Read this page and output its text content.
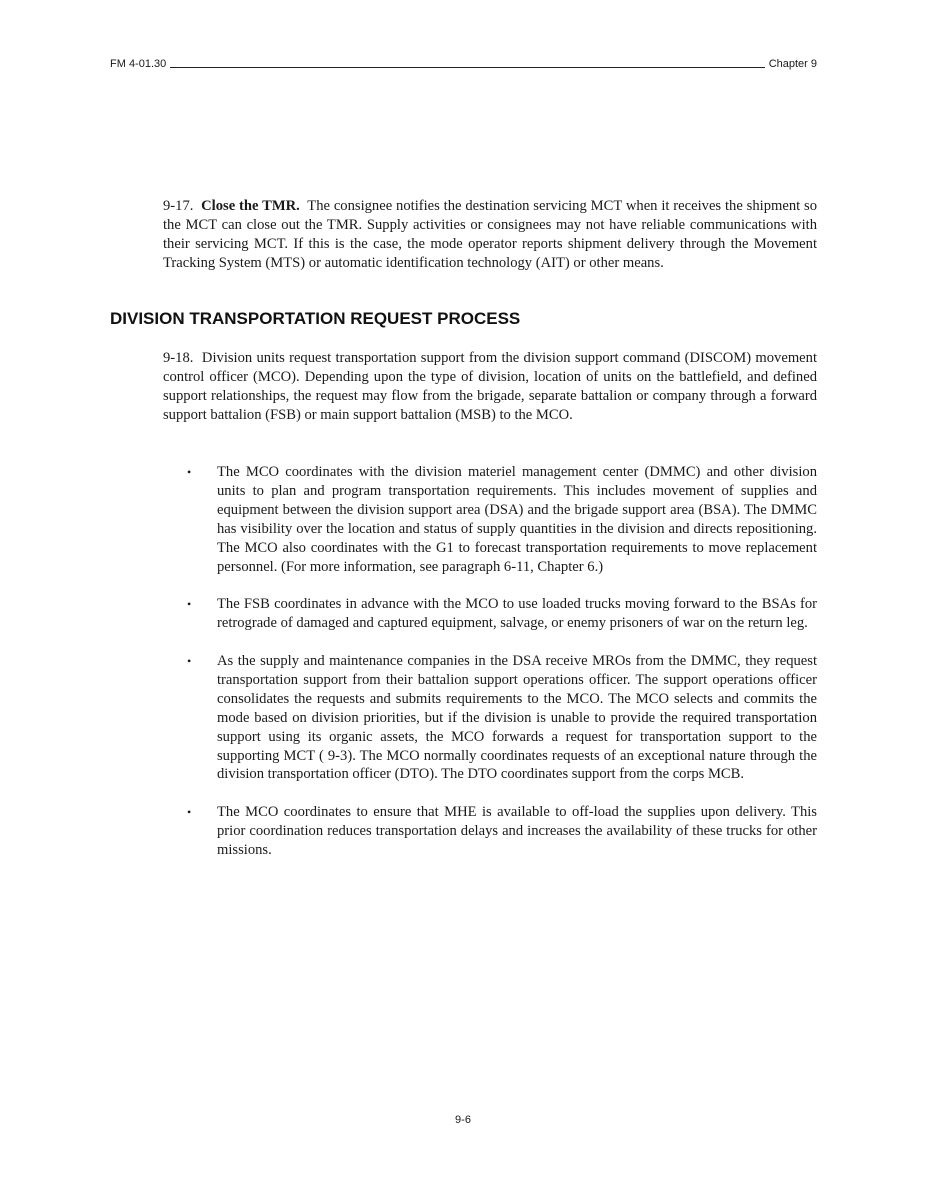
FM 4-01.30	Chapter 9
9-17. Close the TMR. The consignee notifies the destination servicing MCT when it receives the shipment so the MCT can close out the TMR. Supply activities or consignees may not have reliable communications with their servicing MCT. If this is the case, the mode operator reports shipment delivery through the Movement Tracking System (MTS) or automatic identification technology (AIT) or other means.
DIVISION TRANSPORTATION REQUEST PROCESS
9-18. Division units request transportation support from the division support command (DISCOM) movement control officer (MCO). Depending upon the type of division, location of units on the battlefield, and defined support relationships, the request may flow from the brigade, separate battalion or company through a forward support battalion (FSB) or main support battalion (MSB) to the MCO.
•	The MCO coordinates with the division materiel management center (DMMC) and other division units to plan and program transportation requirements. This includes movement of supplies and equipment between the division support area (DSA) and the brigade support area (BSA). The DMMC has visibility over the location and status of supply quantities in the division and directs repositioning. The MCO also coordinates with the G1 to forecast transportation requirements to move replacement personnel. (For more information, see paragraph 6-11, Chapter 6.)
•	The FSB coordinates in advance with the MCO to use loaded trucks moving forward to the BSAs for retrograde of damaged and captured equipment, salvage, or enemy prisoners of war on the return leg.
•	As the supply and maintenance companies in the DSA receive MROs from the DMMC, they request transportation support from their battalion support operations officer. The support operations officer consolidates the requests and submits requirements to the MCO. The MCO selects and commits the mode based on division priorities, but if the division is unable to provide the required transportation support using its organic assets, the MCO forwards a request for transportation support to the supporting MCT ( 9-3). The MCO normally coordinates requests of an exceptional nature through the division transportation officer (DTO). The DTO coordinates support from the corps MCB.
•	The MCO coordinates to ensure that MHE is available to off-load the supplies upon delivery. This prior coordination reduces transportation delays and increases the availability of these trucks for other missions.
9-6
